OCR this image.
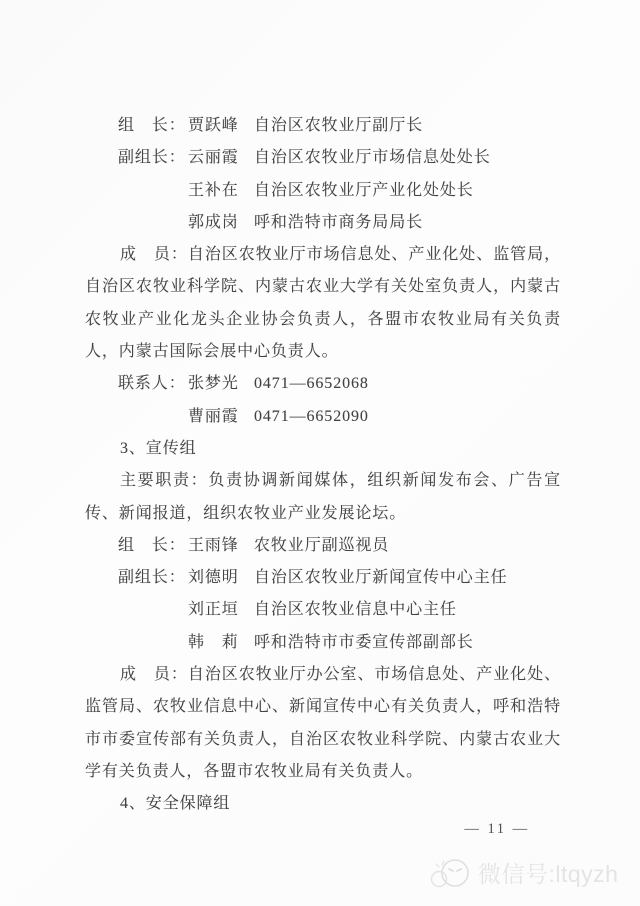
组　长： 贾跃峰 自治区农牧业厅副厅长
副组长： 云丽霞 自治区农牧业厅市场信息处处长
王补在 自治区农牧业厅产业化处处长
郭成岗 呼和浩特市商务局局长
成　员：自治区农牧业厅市场信息处、产业化处、监管局，
自治区农牧业科学院、内蒙古农业大学有关处室负责人，内蒙古
农牧业产业化龙头企业协会负责人，各盟市农牧业局有关负责
人，内蒙古国际会展中心负责人。
联系人： 张梦光 0471—6652068
曹丽霞 0471—6652090
3、宣传组
主要职责：负责协调新闻媒体，组织新闻发布会、广告宣
传、新闻报道，组织农牧业产业发展论坛。
组　长： 王雨锋 农牧业厅副巡视员
副组长： 刘德明 自治区农牧业厅新闻宣传中心主任
刘正垣 自治区农牧业信息中心主任
韩　莉 呼和浩特市市委宣传部副部长
成　员：自治区农牧业厅办公室、市场信息处、产业化处、
监管局、农牧业信息中心、新闻宣传中心有关负责人，呼和浩特
市市委宣传部有关负责人，自治区农牧业科学院、内蒙古农业大
学有关负责人，各盟市农牧业局有关负责人。
4、安全保障组
— 11 —
微信号:ltqyzh
